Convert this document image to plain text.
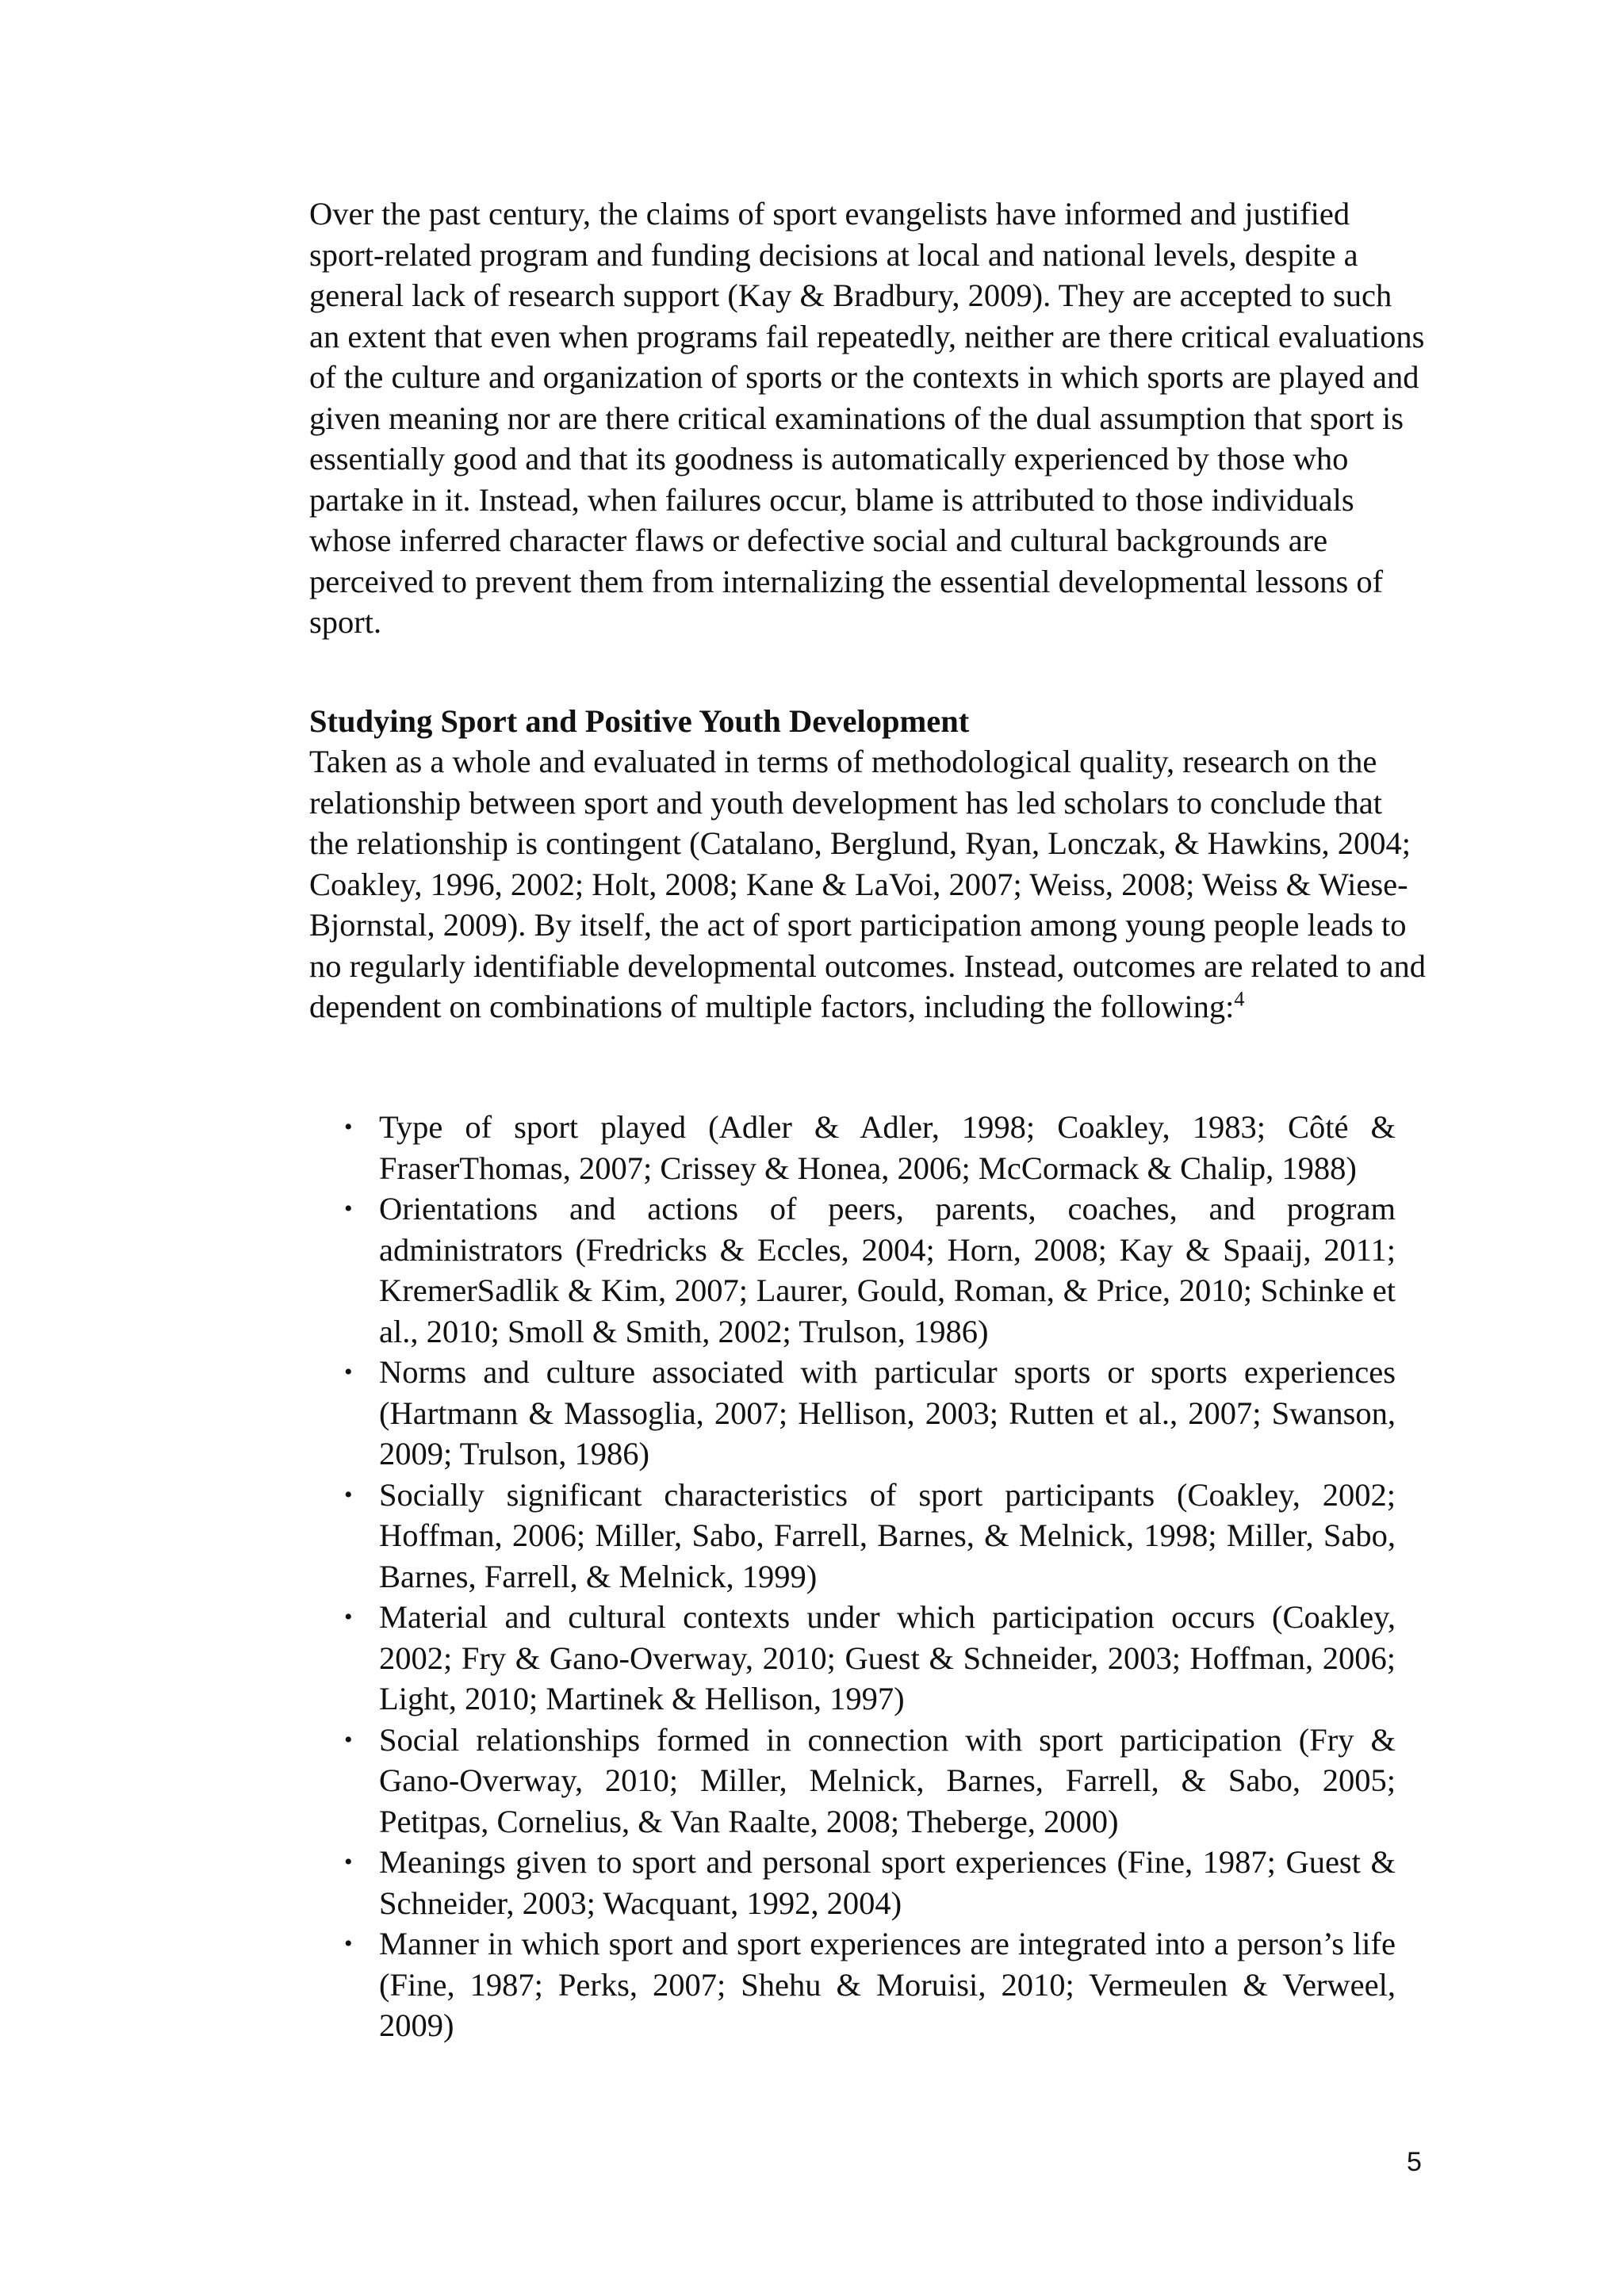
Over the past century, the claims of sport evangelists have informed and justified sport-related program and funding decisions at local and national levels, despite a general lack of research support (Kay & Bradbury, 2009). They are accepted to such an extent that even when programs fail repeatedly, neither are there critical evaluations of the culture and organization of sports or the contexts in which sports are played and given meaning nor are there critical examinations of the dual assumption that sport is essentially good and that its goodness is automatically experienced by those who partake in it. Instead, when failures occur, blame is attributed to those individuals whose inferred character flaws or defective social and cultural backgrounds are perceived to prevent them from internalizing the essential developmental lessons of sport.

Studying Sport and Positive Youth Development

Taken as a whole and evaluated in terms of methodological quality, research on the relationship between sport and youth development has led scholars to conclude that the relationship is contingent (Catalano, Berglund, Ryan, Lonczak, & Hawkins, 2004; Coakley, 1996, 2002; Holt, 2008; Kane & LaVoi, 2007; Weiss, 2008; Weiss & Wiese-Bjornstal, 2009). By itself, the act of sport participation among young people leads to no regularly identifiable developmental outcomes. Instead, outcomes are related to and dependent on combinations of multiple factors, including the following:$^4$

• Type of sport played (Adler & Adler, 1998; Coakley, 1983; Côté & FraserThomas, 2007; Crissey & Honea, 2006; McCormack & Chalip, 1988)
• Orientations and actions of peers, parents, coaches, and program administrators (Fredricks & Eccles, 2004; Horn, 2008; Kay & Spaaij, 2011; KremerSadlik & Kim, 2007; Laurer, Gould, Roman, & Price, 2010; Schinke et al., 2010; Smoll & Smith, 2002; Trulson, 1986)
• Norms and culture associated with particular sports or sports experiences (Hartmann & Massoglia, 2007; Hellison, 2003; Rutten et al., 2007; Swanson, 2009; Trulson, 1986)
• Socially significant characteristics of sport participants (Coakley, 2002; Hoffman, 2006; Miller, Sabo, Farrell, Barnes, & Melnick, 1998; Miller, Sabo, Barnes, Farrell, & Melnick, 1999)
• Material and cultural contexts under which participation occurs (Coakley, 2002; Fry & Gano-Overway, 2010; Guest & Schneider, 2003; Hoffman, 2006; Light, 2010; Martinek & Hellison, 1997)
• Social relationships formed in connection with sport participation (Fry & Gano-Overway, 2010; Miller, Melnick, Barnes, Farrell, & Sabo, 2005; Petitpas, Cornelius, & Van Raalte, 2008; Theberge, 2000)
• Meanings given to sport and personal sport experiences (Fine, 1987; Guest & Schneider, 2003; Wacquant, 1992, 2004)
• Manner in which sport and sport experiences are integrated into a person’s life (Fine, 1987; Perks, 2007; Shehu & Moruisi, 2010; Vermeulen & Verweel, 2009)
5
